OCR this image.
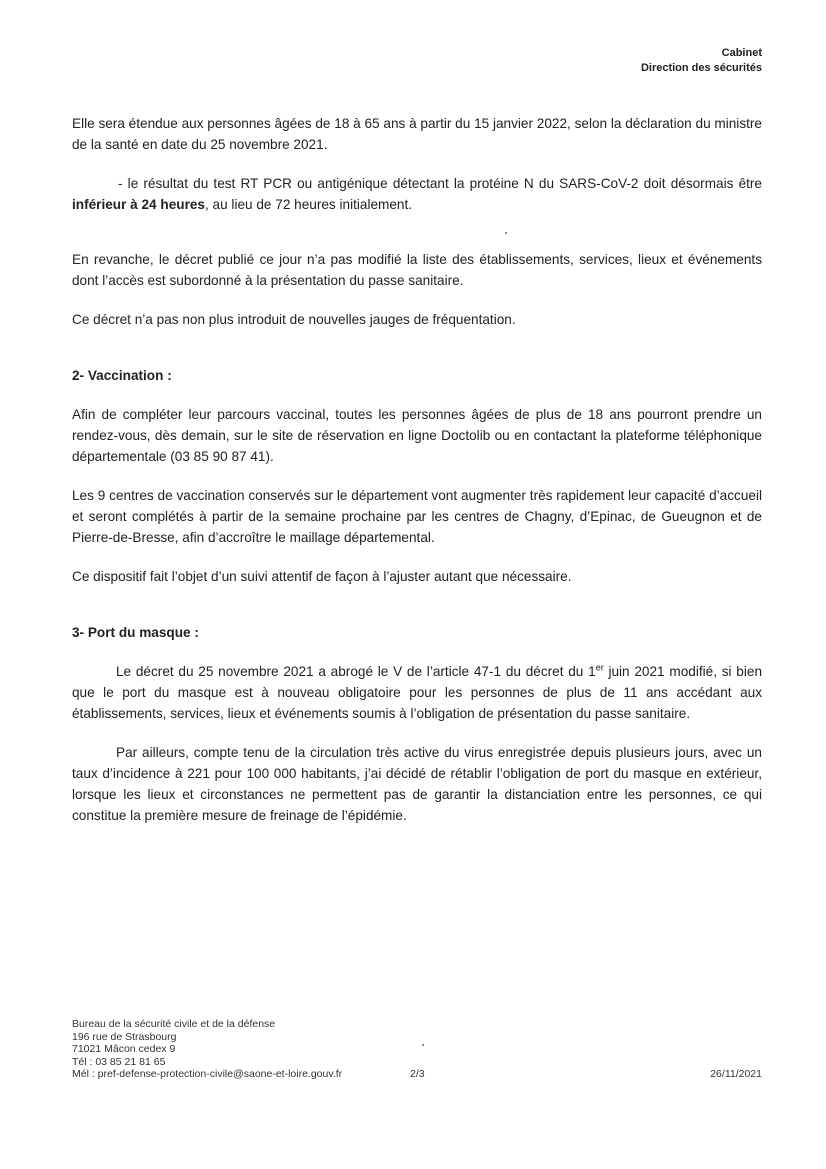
Cabinet
Direction des sécurités

Elle sera étendue aux personnes âgées de 18 à 65 ans à partir du 15 janvier 2022, selon la déclaration du ministre de la santé en date du 25 novembre 2021.

- le résultat du test RT PCR ou antigénique détectant la protéine N du SARS-CoV-2 doit désormais être inférieur à 24 heures, au lieu de 72 heures initialement.

En revanche, le décret publié ce jour n’a pas modifié la liste des établissements, services, lieux et événements dont l’accès est subordonné à la présentation du passe sanitaire.

Ce décret n’a pas non plus introduit de nouvelles jauges de fréquentation.

2- Vaccination :

Afin de compléter leur parcours vaccinal, toutes les personnes âgées de plus de 18 ans pourront prendre un rendez-vous, dès demain, sur le site de réservation en ligne Doctolib ou en contactant la plateforme téléphonique départementale (03 85 90 87 41).

Les 9 centres de vaccination conservés sur le département vont augmenter très rapidement leur capacité d’accueil et seront complétés à partir de la semaine prochaine par les centres de Chagny, d’Epinac, de Gueugnon et de Pierre-de-Bresse, afin d’accroître le maillage départemental.

Ce dispositif fait l’objet d’un suivi attentif de façon à l’ajuster autant que nécessaire.

3- Port du masque :

Le décret du 25 novembre 2021 a abrogé le V de l’article 47-1 du décret du 1er juin 2021 modifié, si bien que le port du masque est à nouveau obligatoire pour les personnes de plus de 11 ans accédant aux établissements, services, lieux et événements soumis à l’obligation de présentation du passe sanitaire.

Par ailleurs, compte tenu de la circulation très active du virus enregistrée depuis plusieurs jours, avec un taux d’incidence à 221 pour 100 000 habitants, j’ai décidé de rétablir l’obligation de port du masque en extérieur, lorsque les lieux et circonstances ne permettent pas de garantir la distanciation entre les personnes, ce qui constitue la première mesure de freinage de l’épidémie.

Bureau de la sécurité civile et de la défense
196 rue de Strasbourg
71021 Mâcon cedex 9
Tél : 03 85 21 81 65
Mél : pref-defense-protection-civile@saone-et-loire.gouv.fr	2/3	26/11/2021
